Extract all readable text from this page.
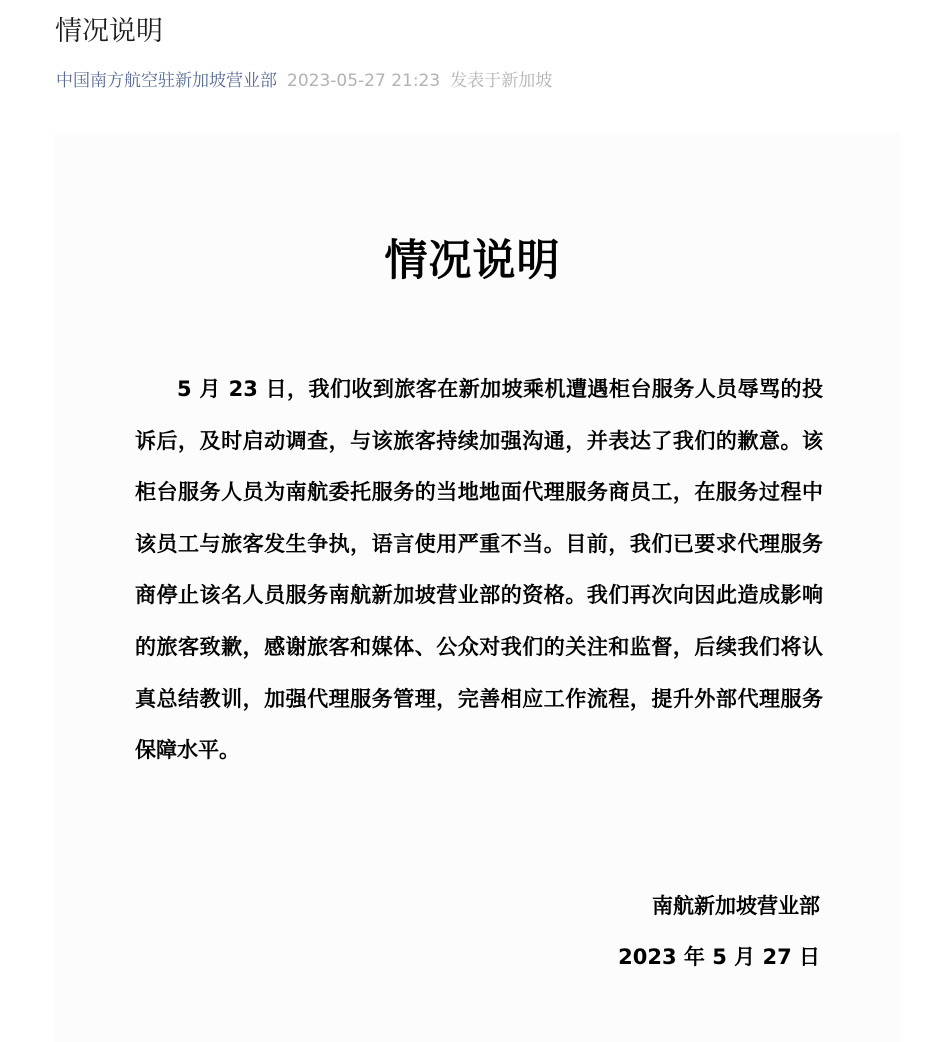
情况说明
中国南方航空驻新加坡营业部 2023-05-27 21:23 发表于新加坡
情况说明

5 月 23 日，我们收到旅客在新加坡乘机遭遇柜台服务人员辱骂的投诉后，及时启动调查，与该旅客持续加强沟通，并表达了我们的歉意。该柜台服务人员为南航委托服务的当地地面代理服务商员工，在服务过程中该员工与旅客发生争执，语言使用严重不当。目前，我们已要求代理服务商停止该名人员服务南航新加坡营业部的资格。我们再次向因此造成影响的旅客致歉，感谢旅客和媒体、公众对我们的关注和监督，后续我们将认真总结教训，加强代理服务管理，完善相应工作流程，提升外部代理服务保障水平。

南航新加坡营业部
2023 年 5 月 27 日
